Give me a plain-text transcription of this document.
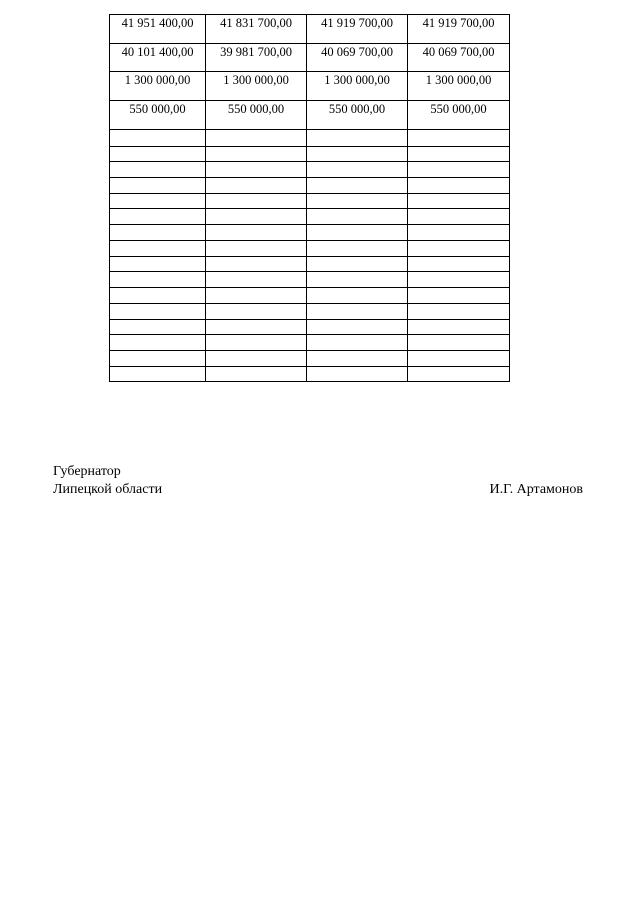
41 951 400,00	41 831 700,00	41 919 700,00	41 919 700,00
40 101 400,00	39 981 700,00	40 069 700,00	40 069 700,00
1 300 000,00	1 300 000,00	1 300 000,00	1 300 000,00
550 000,00	550 000,00	550 000,00	550 000,00

Губернатор
Липецкой области	И.Г. Артамонов
